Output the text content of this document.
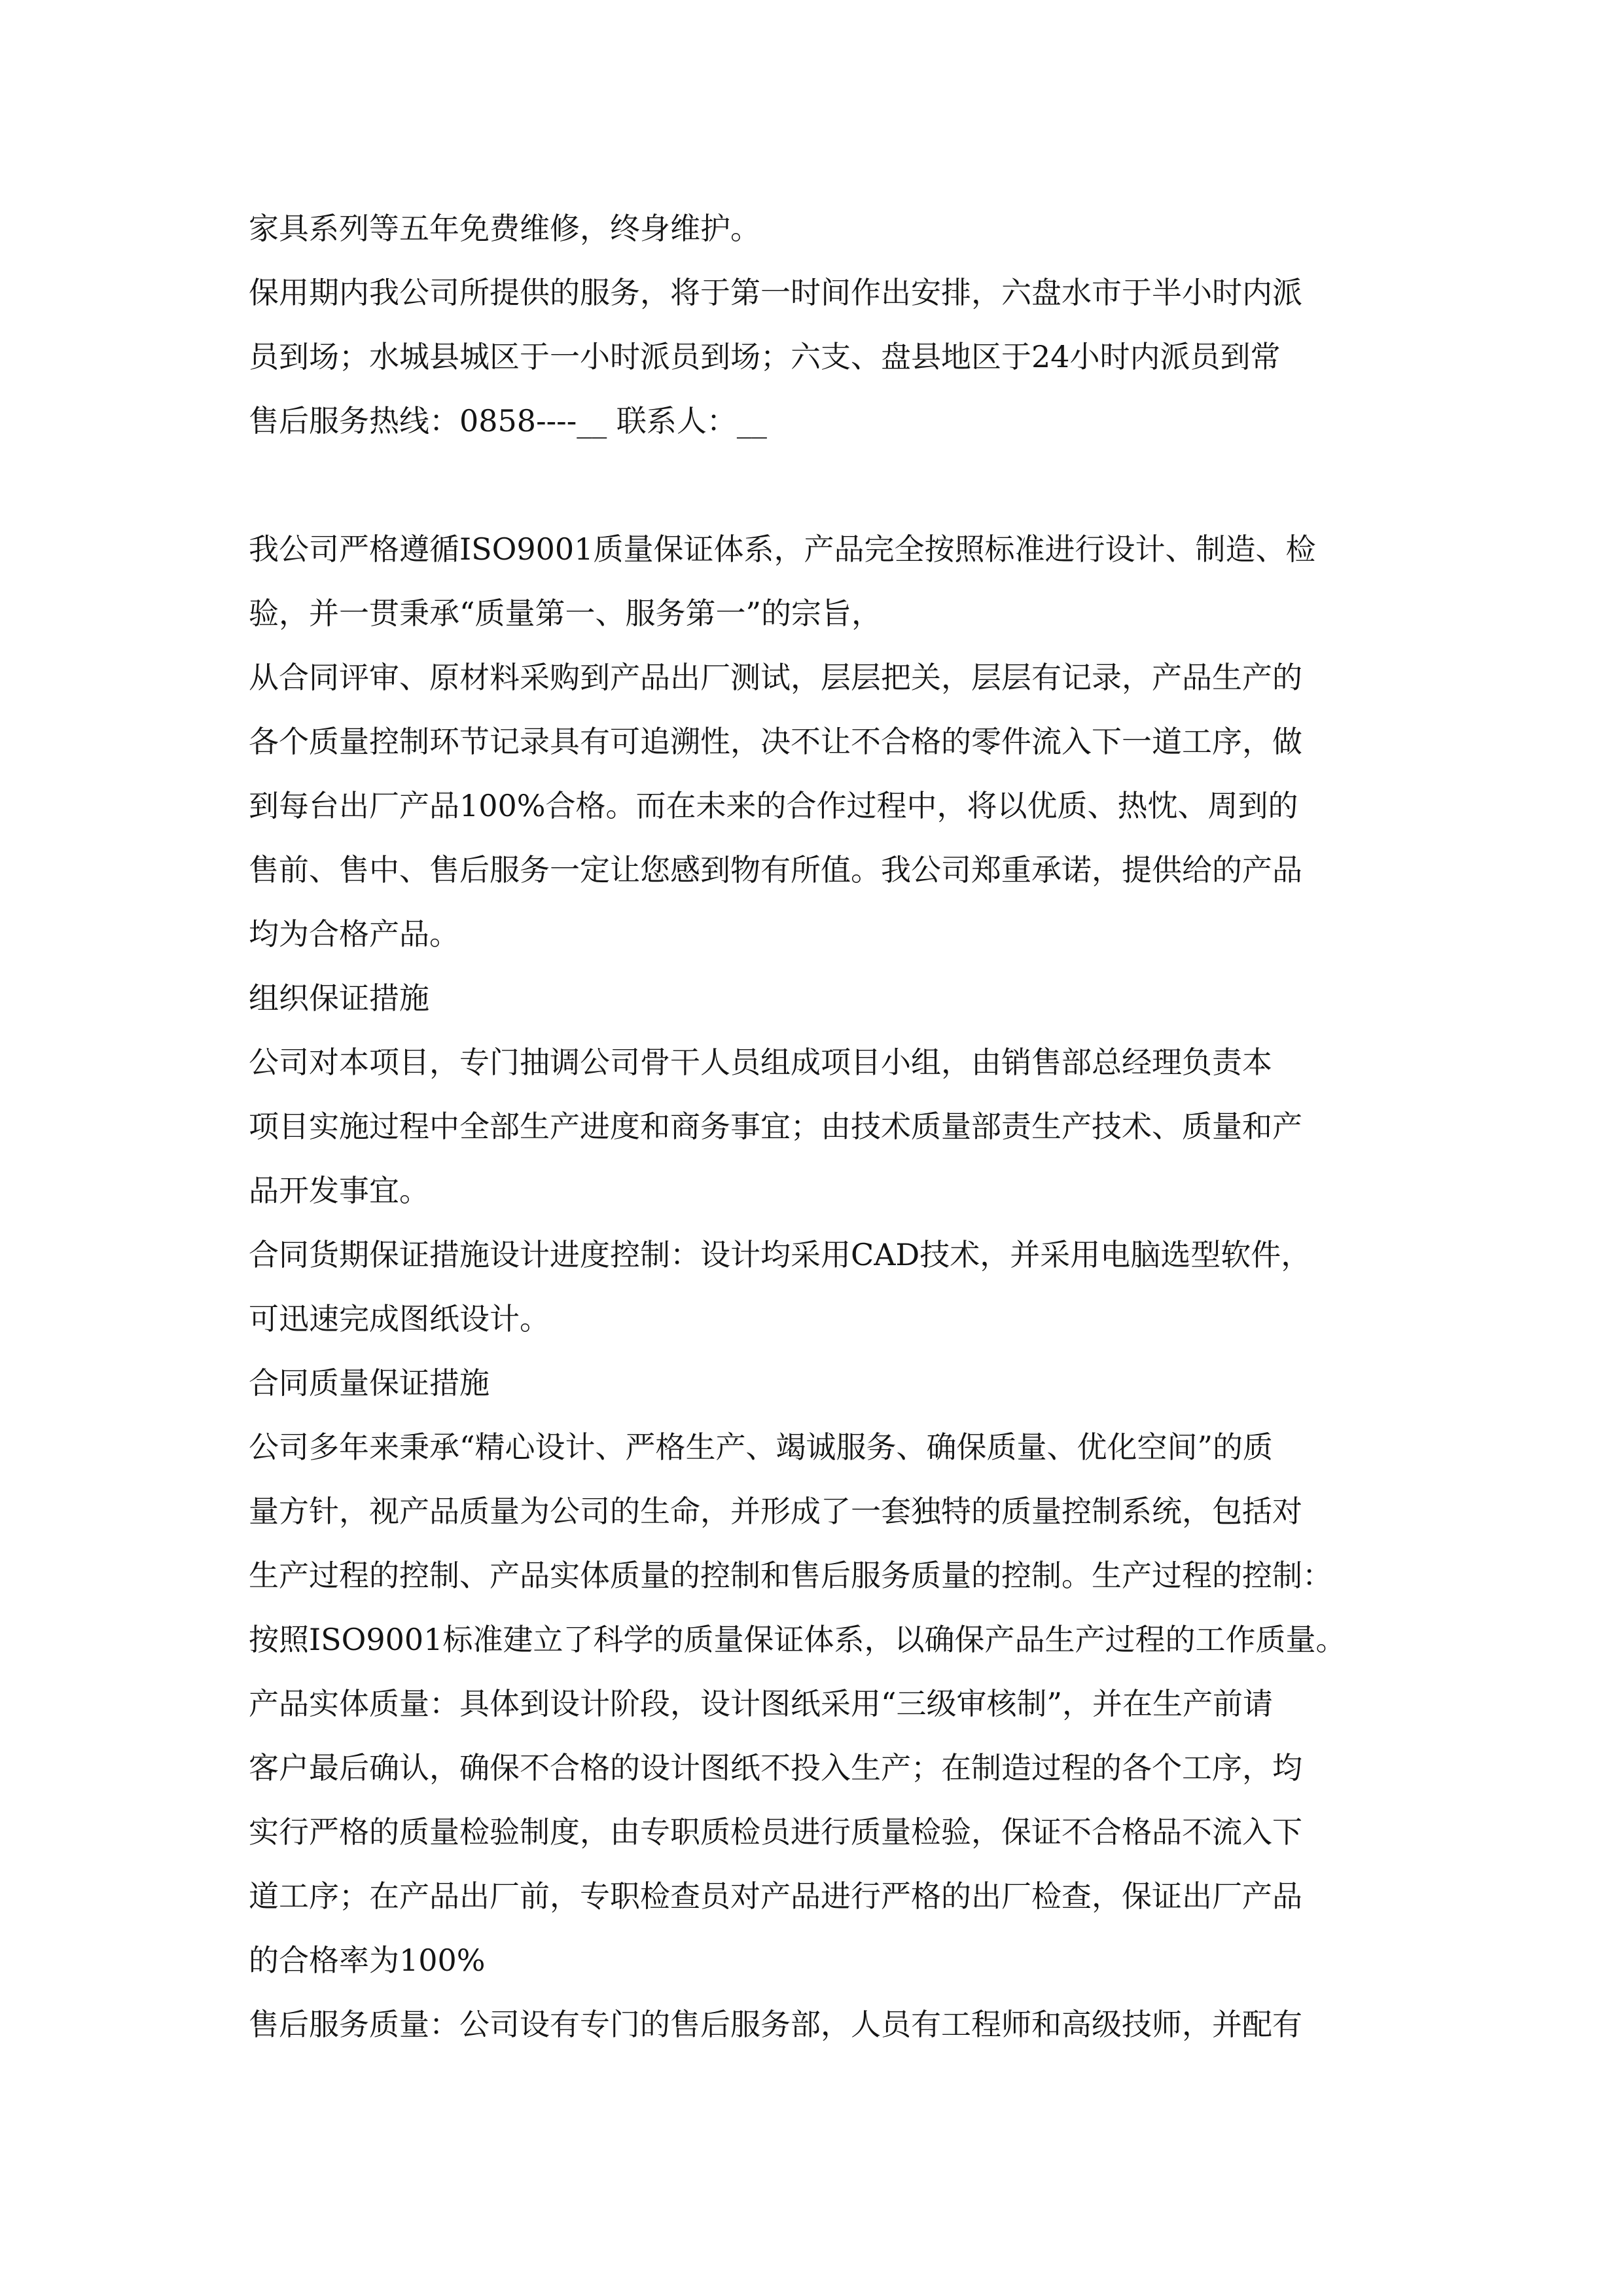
家具系列等五年免费维修，终身维护。
保用期内我公司所提供的服务，将于第一时间作出安排，六盘水市于半小时内派
员到场；水城县城区于一小时派员到场；六支、盘县地区于24小时内派员到常
售后服务热线：0858----__ 联系人：__
我公司严格遵循ISO9001质量保证体系，产品完全按照标准进行设计、制造、检
验，并一贯秉承“质量第一、服务第一”的宗旨，
从合同评审、原材料采购到产品出厂测试，层层把关，层层有记录，产品生产的
各个质量控制环节记录具有可追溯性，决不让不合格的零件流入下一道工序，做
到每台出厂产品100%合格。而在未来的合作过程中，将以优质、热忱、周到的
售前、售中、售后服务一定让您感到物有所值。我公司郑重承诺，提供给的产品
均为合格产品。
组织保证措施
公司对本项目，专门抽调公司骨干人员组成项目小组，由销售部总经理负责本
项目实施过程中全部生产进度和商务事宜；由技术质量部责生产技术、质量和产
品开发事宜。
合同货期保证措施设计进度控制：设计均采用CAD技术，并采用电脑选型软件，
可迅速完成图纸设计。
合同质量保证措施
公司多年来秉承“精心设计、严格生产、竭诚服务、确保质量、优化空间”的质
量方针，视产品质量为公司的生命，并形成了一套独特的质量控制系统，包括对
生产过程的控制、产品实体质量的控制和售后服务质量的控制。生产过程的控制：
按照ISO9001标准建立了科学的质量保证体系，以确保产品生产过程的工作质量。
产品实体质量：具体到设计阶段，设计图纸采用“三级审核制”，并在生产前请
客户最后确认，确保不合格的设计图纸不投入生产；在制造过程的各个工序，均
实行严格的质量检验制度，由专职质检员进行质量检验，保证不合格品不流入下
道工序；在产品出厂前，专职检查员对产品进行严格的出厂检查，保证出厂产品
的合格率为100%
售后服务质量：公司设有专门的售后服务部，人员有工程师和高级技师，并配有
